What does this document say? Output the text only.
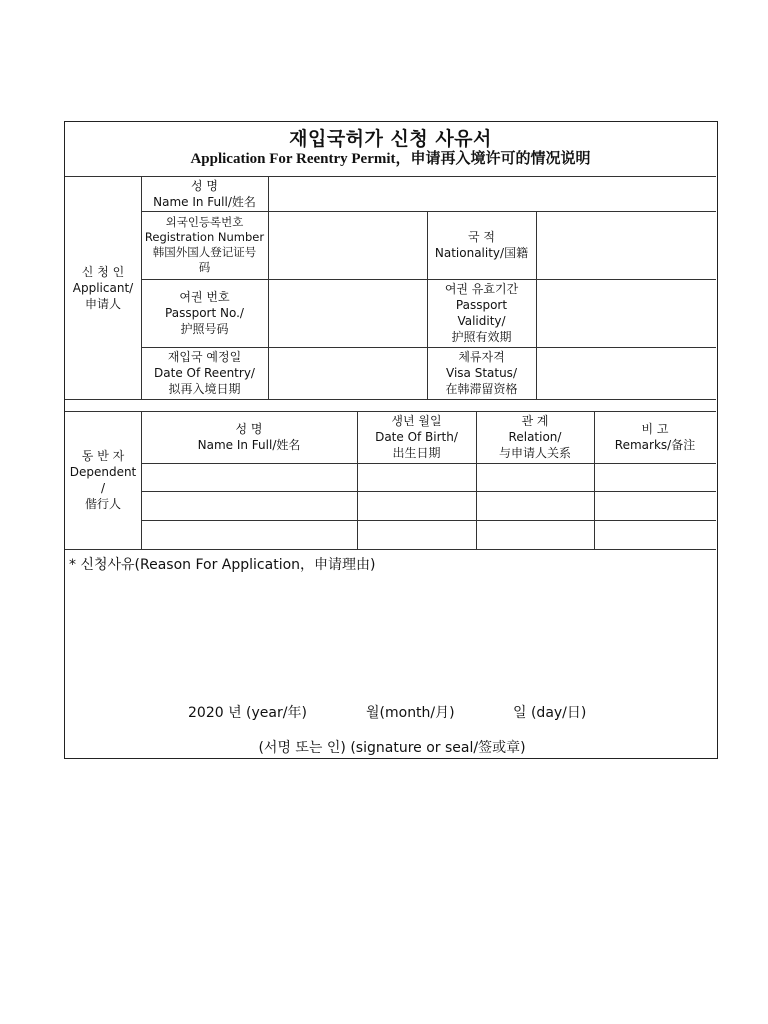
재입국허가 신청 사유서
Application For Reentry Permit，申请再入境许可的情况说明
신 청 인
Applicant/
申请人
성 명
Name In Full/姓名
외국인등록번호
Registration Number
韩国外国人登记证号
码
국 적
Nationality/国籍
여권 번호
Passport No./
护照号码
여권 유효기간
Passport
Validity/
护照有效期
재입국 예정일
Date Of Reentry/
拟再入境日期
체류자격
Visa Status/
在韩滞留资格
동 반 자
Dependent
/
偕行人
성 명
Name In Full/姓名
생년 월일
Date Of Birth/
出生日期
관 계
Relation/
与申请人关系
비 고
Remarks/备注
* 신청사유(Reason For Application，申请理由)
2020 년 (year/年)	월(month/月)	일 (day/日)
(서명 또는 인) (signature or seal/签或章)
